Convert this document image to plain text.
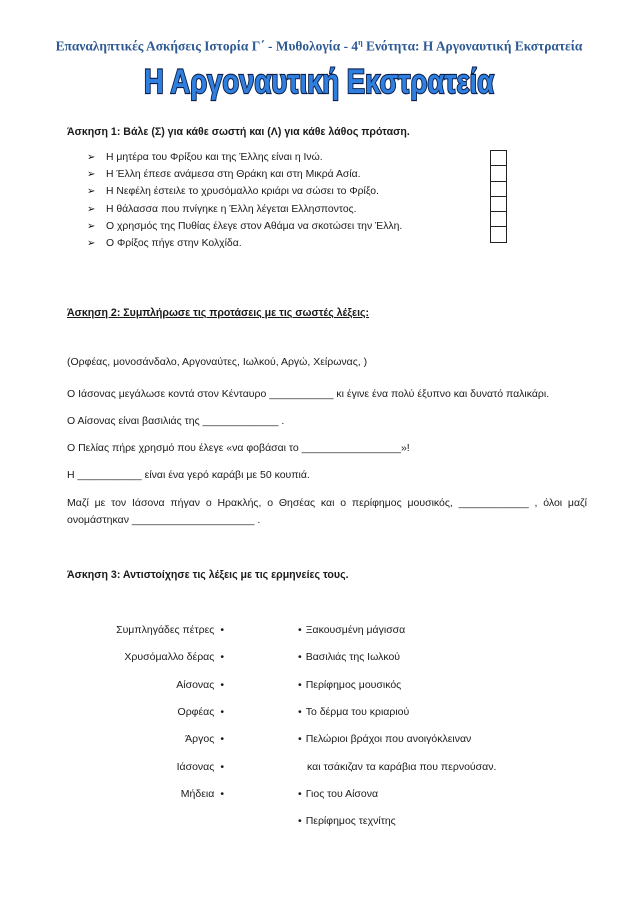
Επαναληπτικές Ασκήσεις Ιστορία Γ΄ - Μυθολογία - $4^\eta$ Ενότητα: Η Αργοναυτική Εκστρατεία
Η Αργοναυτική Εκστρατεία
Άσκηση 1: Βάλε (Σ) για κάθε σωστή και (Λ) για κάθε λάθος πρόταση.
➢ Η μητέρα του Φρίξου και της Έλλης είναι η Ινώ.
➢ Η Έλλη έπεσε ανάμεσα στη Θράκη και στη Μικρά Ασία.
➢ Η Νεφέλη έστειλε το χρυσόμαλλο κριάρι να σώσει το Φρίξο.
➢ Η θάλασσα που πνίγηκε η Έλλη λέγεται Ελλησποντος.
➢ Ο χρησμός της Πυθίας έλεγε στον Αθάμα να σκοτώσει την Έλλη.
➢ Ο Φρίξος πήγε στην Κολχίδα.
Άσκηση 2: Συμπλήρωσε τις προτάσεις με τις σωστές λέξεις:
(Ορφέας, μονοσάνδαλο, Αργοναύτες, Ιωλκού, Αργώ, Χείρωνας, )
Ο Ιάσονας μεγάλωσε κοντά στον Κένταυρο ___________ κι έγινε ένα πολύ έξυπνο και δυνατό παλικάρι.
Ο Αίσονας είναι βασιλιάς της _____________ .
Ο Πελίας πήρε χρησμό που έλεγε «να φοβάσαι το _________________»!
Η ___________ είναι ένα γερό καράβι με 50 κουπιά.
Μαζί με τον Ιάσονα πήγαν ο Ηρακλής, ο Θησέας και ο περίφημος μουσικός, ____________ , όλοι μαζί
ονομάστηκαν _____________________ .
Άσκηση 3: Αντιστοίχησε τις λέξεις με τις ερμηνείες τους.
Συμπληγάδες πέτρες •
Χρυσόμαλλο δέρας •
Αίσονας •
Ορφέας •
Άργος •
Ιάσονας •
Μήδεια •
• Ξακουσμένη μάγισσα
• Βασιλιάς της Ιωλκού
• Περίφημος μουσικός
• Το δέρμα του κριαριού
• Πελώριοι βράχοι που ανοιγόκλειναν
και τσάκιζαν τα καράβια που περνούσαν.
• Γιος του Αίσονα
• Περίφημος τεχνίτης
